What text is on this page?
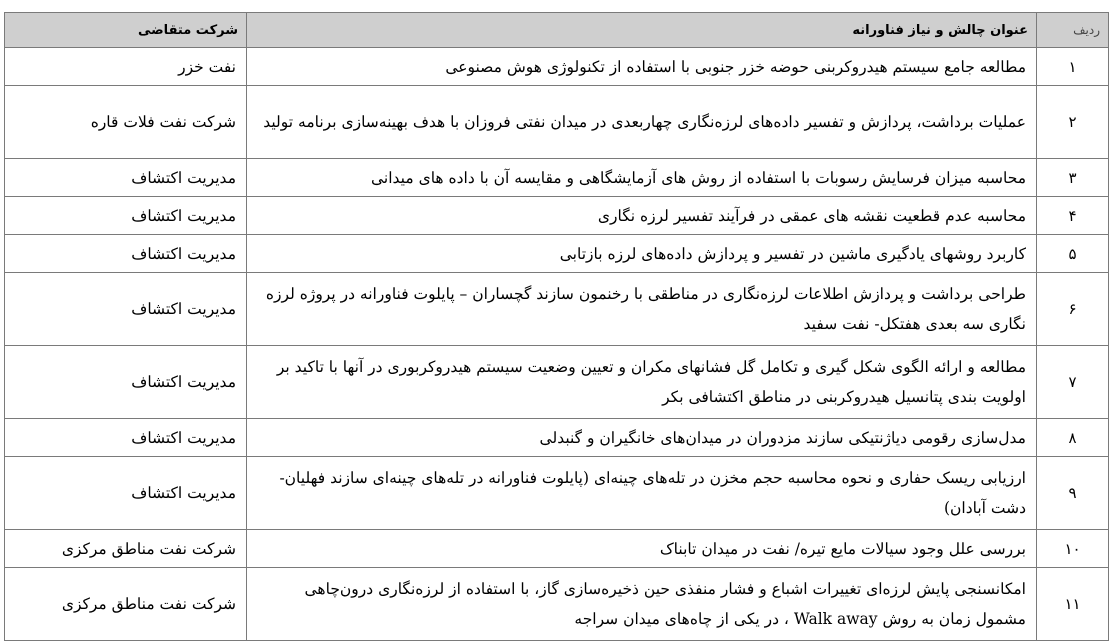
ردیف	عنوان چالش و نیاز فناورانه	شرکت متقاضی
۱	مطالعه جامع سیستم هیدروکربنی حوضه خزر جنوبی با استفاده از تکنولوژی هوش مصنوعی	نفت خزر
۲	عملیات برداشت، پردازش و تفسیر داده‌های لرزه‌نگاری چهاربعدی در میدان نفتی فروزان با هدف بهینه‌سازی برنامه تولید	شرکت نفت فلات قاره
۳	محاسبه میزان فرسایش رسوبات با استفاده از روش های آزمایشگاهی و مقایسه آن با داده های میدانی	مدیریت اکتشاف
۴	محاسبه عدم قطعیت نقشه های عمقی در فرآیند تفسیر لرزه نگاری	مدیریت اکتشاف
۵	کاربرد روشهای یادگیری ماشین در تفسیر و پردازش داده‌های لرزه بازتابی	مدیریت اکتشاف
۶	طراحی برداشت و پردازش اطلاعات لرزه‌نگاری در مناطقی با رخنمون سازند گچساران – پایلوت فناورانه در پروژه لرزه نگاری سه بعدی هفتکل- نفت سفید	مدیریت اکتشاف
۷	مطالعه و ارائه الگوی شکل گیری و تکامل گل فشانهای مکران و تعیین وضعیت سیستم هیدروکربوری در آنها با تاکید بر اولویت بندی پتانسیل هیدروکربنی در مناطق اکتشافی بکر	مدیریت اکتشاف
۸	مدل‌سازی رقومی دیاژنتیکی سازند مزدوران در میدان‌های خانگیران و گنبدلی	مدیریت اکتشاف
۹	ارزیابی ریسک حفاری و نحوه محاسبه حجم مخزن در تله‌های چینه‌ای (پایلوت فناورانه در تله‌های چینه‌ای سازند فهلیان- دشت آبادان)	مدیریت اکتشاف
۱۰	بررسی علل وجود سیالات مایع تیره/ نفت در میدان تابناک	شرکت نفت مناطق مرکزی
۱۱	امکانسنجی پایش لرزه‌ای تغییرات اشباع و فشار منفذی حین ذخیره‌سازی گاز، با استفاده از لرزه‌نگاری درون‌چاهی مشمول زمان به روش Walk away ، در یکی از چاه‌های میدان سراجه	شرکت نفت مناطق مرکزی
